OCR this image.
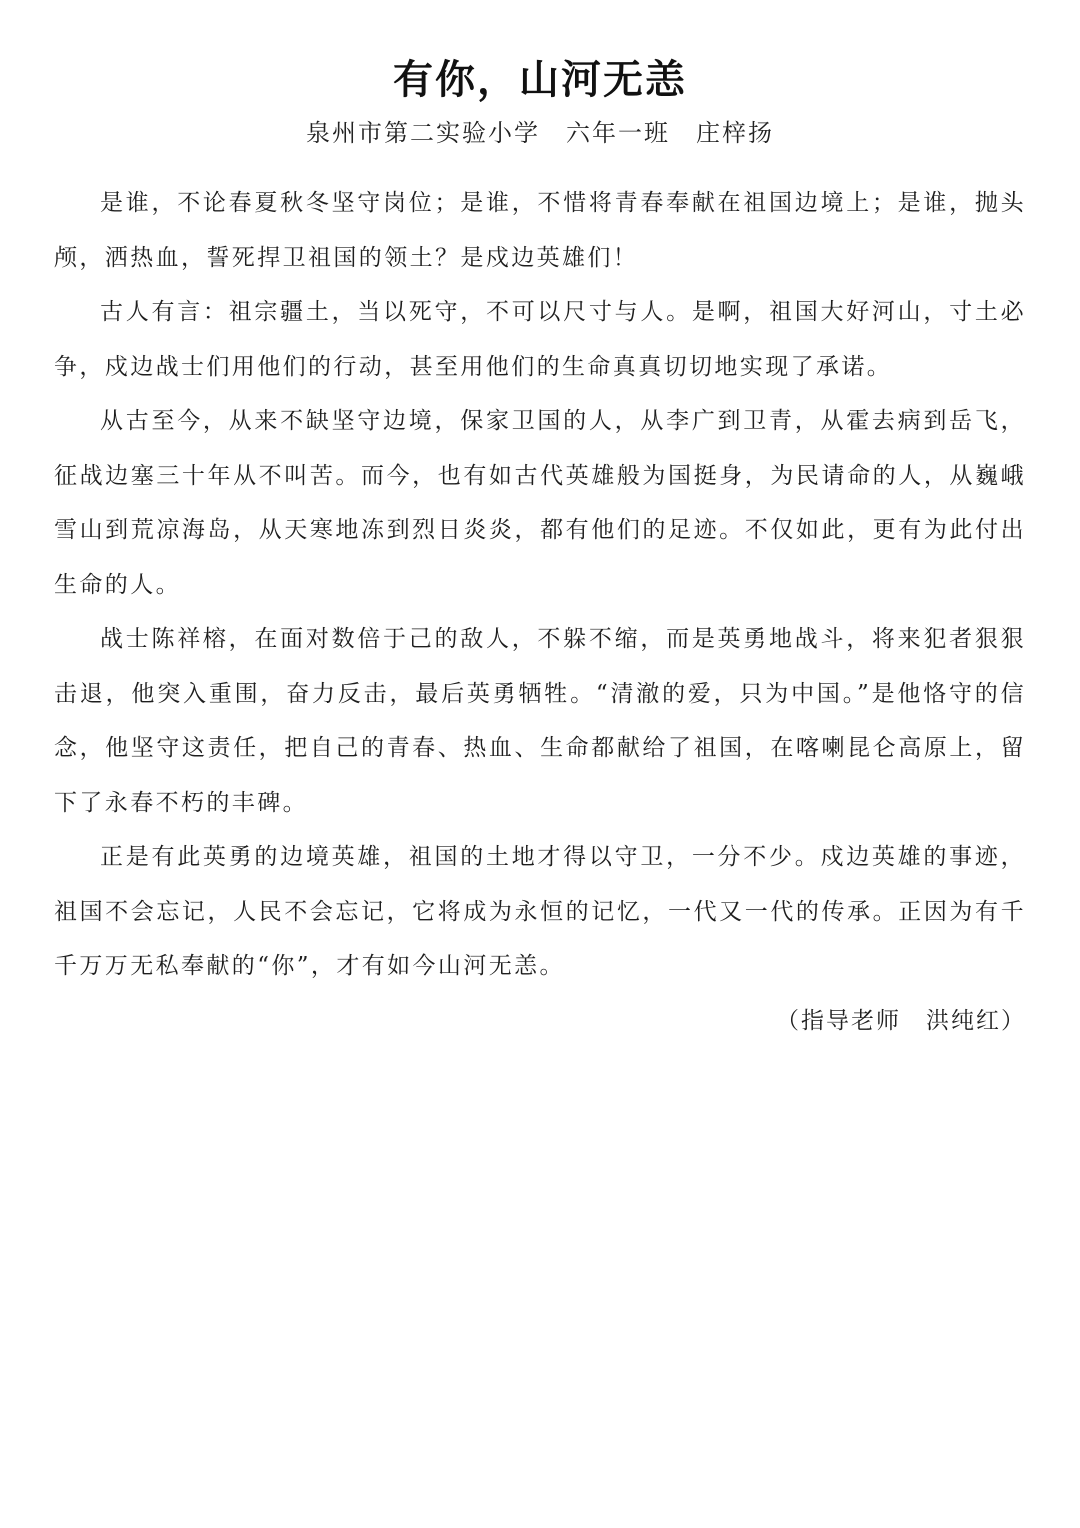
有你，山河无恙
泉州市第二实验小学　六年一班　庄梓扬

是谁，不论春夏秋冬坚守岗位；是谁，不惜将青春奉献在祖国边境上；是谁，抛头颅，洒热血，誓死捍卫祖国的领土？是戍边英雄们！

古人有言：祖宗疆土，当以死守，不可以尺寸与人。是啊，祖国大好河山，寸土必争，戍边战士们用他们的行动，甚至用他们的生命真真切切地实现了承诺。

从古至今，从来不缺坚守边境，保家卫国的人，从李广到卫青，从霍去病到岳飞，征战边塞三十年从不叫苦。而今，也有如古代英雄般为国挺身，为民请命的人，从巍峨雪山到荒凉海岛，从天寒地冻到烈日炎炎，都有他们的足迹。不仅如此，更有为此付出生命的人。

战士陈祥榕，在面对数倍于己的敌人，不躲不缩，而是英勇地战斗，将来犯者狠狠击退，他突入重围，奋力反击，最后英勇牺牲。“清澈的爱，只为中国。”是他恪守的信念，他坚守这责任，把自己的青春、热血、生命都献给了祖国，在喀喇昆仑高原上，留下了永春不朽的丰碑。

正是有此英勇的边境英雄，祖国的土地才得以守卫，一分不少。戍边英雄的事迹，祖国不会忘记，人民不会忘记，它将成为永恒的记忆，一代又一代的传承。正因为有千千万万无私奉献的“你”，才有如今山河无恙。

（指导老师　洪纯红）
